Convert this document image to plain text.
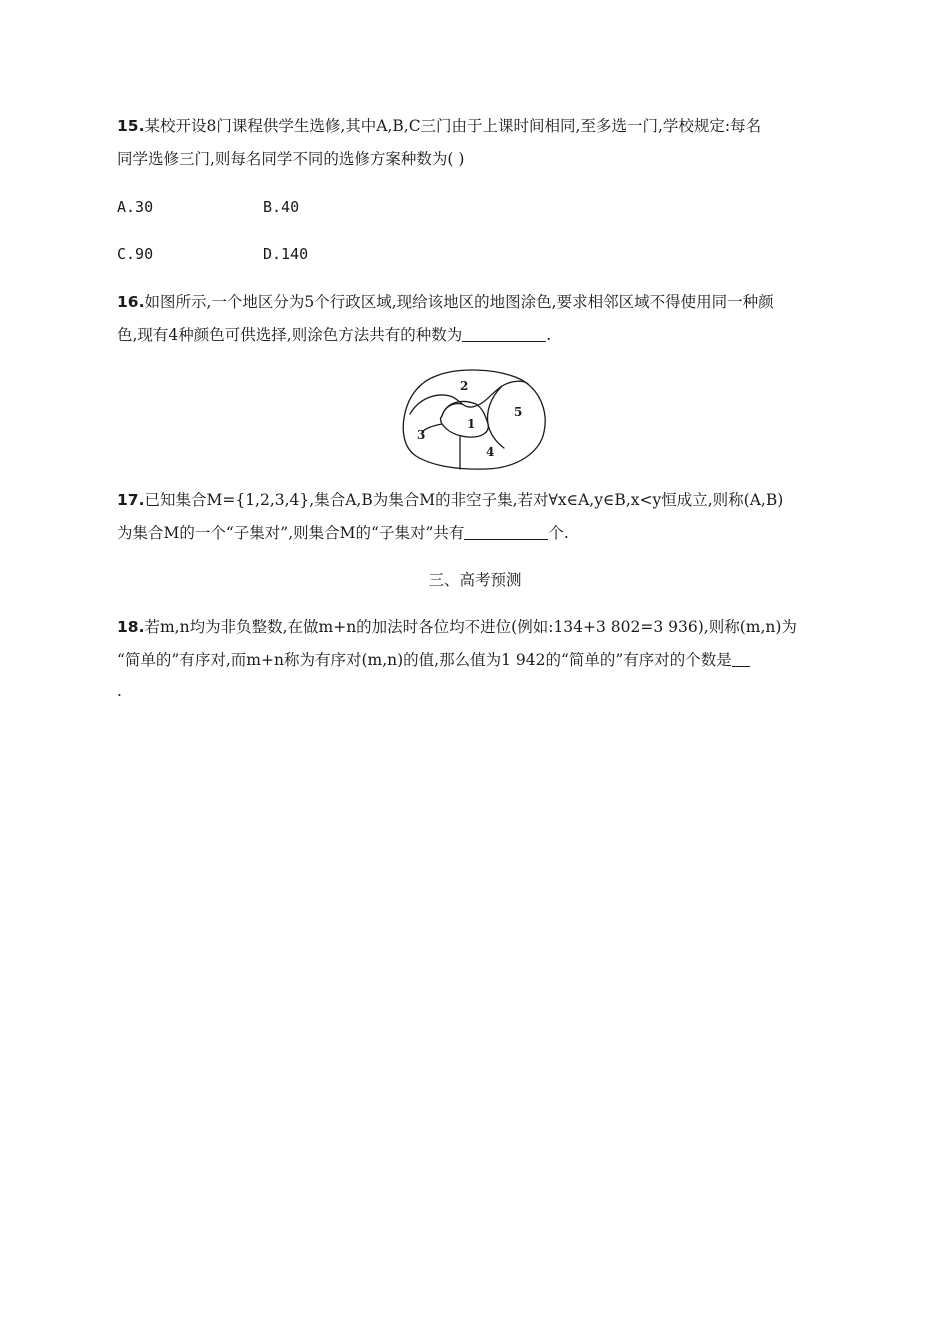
15.某校开设8门课程供学生选修,其中A,B,C三门由于上课时间相同,至多选一门,学校规定:每名
同学选修三门,则每名同学不同的选修方案种数为( )
A.30	B.40
C.90	D.140
16.如图所示,一个地区分为5个行政区域,现给该地区的地图涂色,要求相邻区域不得使用同一种颜
色,现有4种颜色可供选择,则涂色方法共有的种数为	.
2
5
1
3
4
17.已知集合M={1,2,3,4},集合A,B为集合M的非空子集,若对∀x∈A,y∈B,x<y恒成立,则称(A,B)
为集合M的一个“子集对”,则集合M的“子集对”共有	个.
三、高考预测
18.若m,n均为非负整数,在做m+n的加法时各位均不进位(例如:134+3 802=3 936),则称(m,n)为
“简单的”有序对,而m+n称为有序对(m,n)的值,那么值为1 942的“简单的”有序对的个数是
.
